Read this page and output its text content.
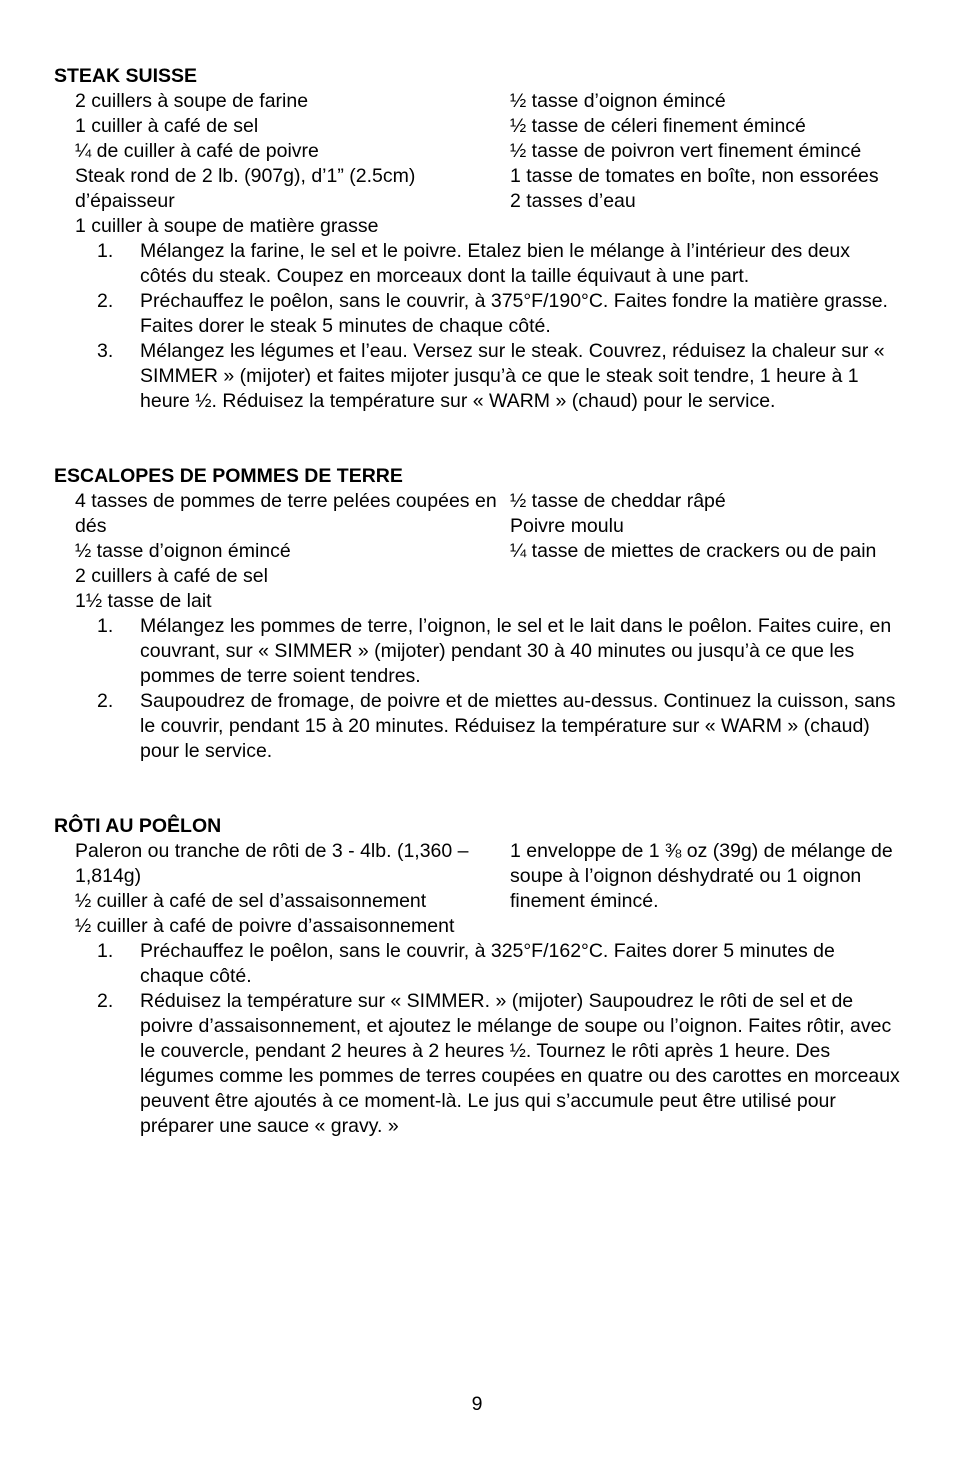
STEAK SUISSE
2 cuillers à soupe de farine
1 cuiller à café de sel
¼ de cuiller à café de poivre
Steak rond de 2 lb. (907g), d’1” (2.5cm) d’épaisseur
1 cuiller à soupe de matière grasse
½ tasse d’oignon émincé
½ tasse de céleri finement émincé
½ tasse de poivron vert finement émincé
1 tasse de tomates en boîte, non essorées
2 tasses d’eau
1.	Mélangez la farine, le sel et le poivre. Etalez bien le mélange à l’intérieur des deux côtés du steak. Coupez en morceaux dont la taille équivaut à une part.
2.	Préchauffez le poêlon, sans le couvrir, à 375°F/190°C. Faites fondre la matière grasse. Faites dorer le steak 5 minutes de chaque côté.
3.	Mélangez les légumes et l’eau. Versez sur le steak. Couvrez, réduisez la chaleur sur « SIMMER » (mijoter) et faites mijoter jusqu’à ce que le steak soit tendre, 1 heure à 1 heure ½. Réduisez la température sur « WARM » (chaud) pour le service.
ESCALOPES DE POMMES DE TERRE
4 tasses de pommes de terre pelées coupées en dés
½ tasse d’oignon émincé
2 cuillers à café de sel
1½ tasse de lait
½ tasse de cheddar râpé
Poivre moulu
¼ tasse de miettes de crackers ou de pain
1.	Mélangez les pommes de terre, l’oignon, le sel et le lait dans le poêlon. Faites cuire, en couvrant, sur « SIMMER » (mijoter) pendant 30 à 40 minutes ou jusqu’à ce que les pommes de terre soient tendres.
2.	Saupoudrez de fromage, de poivre et de miettes au-dessus. Continuez la cuisson, sans le couvrir, pendant 15 à 20 minutes. Réduisez la température sur « WARM » (chaud) pour le service.
RÔTI AU POÊLON
Paleron ou tranche de rôti de 3 - 4lb. (1,360 – 1,814g)
½ cuiller à café de sel d’assaisonnement
½ cuiller à café de poivre d’assaisonnement
1 enveloppe de 1 ⅜ oz (39g) de mélange de soupe à l’oignon déshydraté ou 1 oignon finement émincé.
1.	Préchauffez le poêlon, sans le couvrir, à 325°F/162°C. Faites dorer 5 minutes de chaque côté.
2.	Réduisez la température sur « SIMMER. » (mijoter) Saupoudrez le rôti de sel et de poivre d’assaisonnement, et ajoutez le mélange de soupe ou l’oignon. Faites rôtir, avec le couvercle, pendant 2 heures à 2 heures ½. Tournez le rôti après 1 heure. Des légumes comme les pommes de terres coupées en quatre ou des carottes en morceaux peuvent être ajoutés à ce moment-là. Le jus qui s’accumule peut être utilisé pour préparer une sauce « gravy. »
9
